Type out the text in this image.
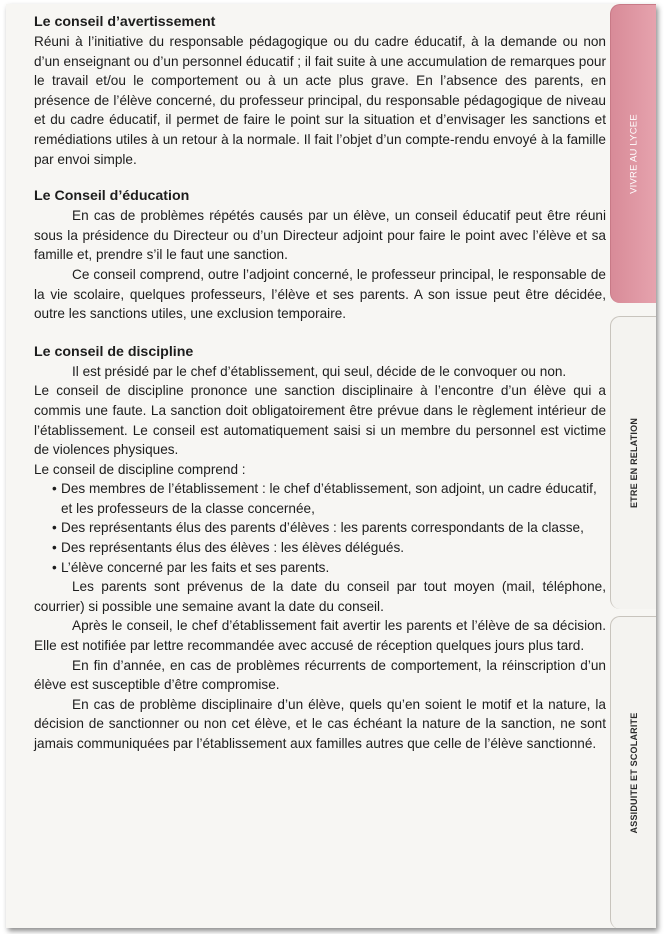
Le conseil d’avertissement

Réuni à l’initiative du responsable pédagogique ou du cadre éducatif, à la demande ou non d’un enseignant ou d’un personnel éducatif ; il fait suite à une accumulation de remarques pour le travail et/ou le comportement ou à un acte plus grave. En l’absence des parents, en présence de l’élève concerné, du professeur principal, du responsable pédagogique de niveau et du cadre éducatif, il permet de faire le point sur la situation et d’envisager les sanctions et remédiations utiles à un retour à la normale. Il fait l’objet d’un compte-rendu envoyé à la famille par envoi simple.

Le Conseil d’éducation

En cas de problèmes répétés causés par un élève, un conseil éducatif peut être réuni sous la présidence du Directeur ou d’un Directeur adjoint pour faire le point avec l’élève et sa famille et, prendre s’il le faut une sanction.

Ce conseil comprend, outre l’adjoint concerné, le professeur principal, le responsable de la vie scolaire, quelques professeurs, l’élève et ses parents. A son issue peut être décidée, outre les sanctions utiles, une exclusion temporaire.

Le conseil de discipline

Il est présidé par le chef d’établissement, qui seul, décide de le convoquer ou non.

Le conseil de discipline prononce une sanction disciplinaire à l’encontre d’un élève qui a commis une faute. La sanction doit obligatoirement être prévue dans le règlement intérieur de l’établissement. Le conseil est automatiquement saisi si un membre du personnel est victime de violences physiques.

Le conseil de discipline comprend :

• Des membres de l’établissement : le chef d’établissement, son adjoint, un cadre éducatif, et les professeurs de la classe concernée,
• Des représentants élus des parents d’élèves : les parents correspondants de la classe,
• Des représentants élus des élèves : les élèves délégués.
• L’élève concerné par les faits et ses parents.

Les parents sont prévenus de la date du conseil par tout moyen (mail, téléphone, courrier) si possible une semaine avant la date du conseil.

Après le conseil, le chef d’établissement fait avertir les parents et l’élève de sa décision. Elle est notifiée par lettre recommandée avec accusé de réception quelques jours plus tard.

En fin d’année, en cas de problèmes récurrents de comportement, la réinscription d’un élève est susceptible d’être compromise.

En cas de problème disciplinaire d’un élève, quels qu’en soient le motif et la nature, la décision de sanctionner ou non cet élève, et le cas échéant la nature de la sanction, ne sont jamais communiquées par l’établissement aux familles autres que celle de l’élève sanctionné.

VIVRE AU LYCEE
ETRE EN RELATION
ASSIDUITE ET SCOLARITE
